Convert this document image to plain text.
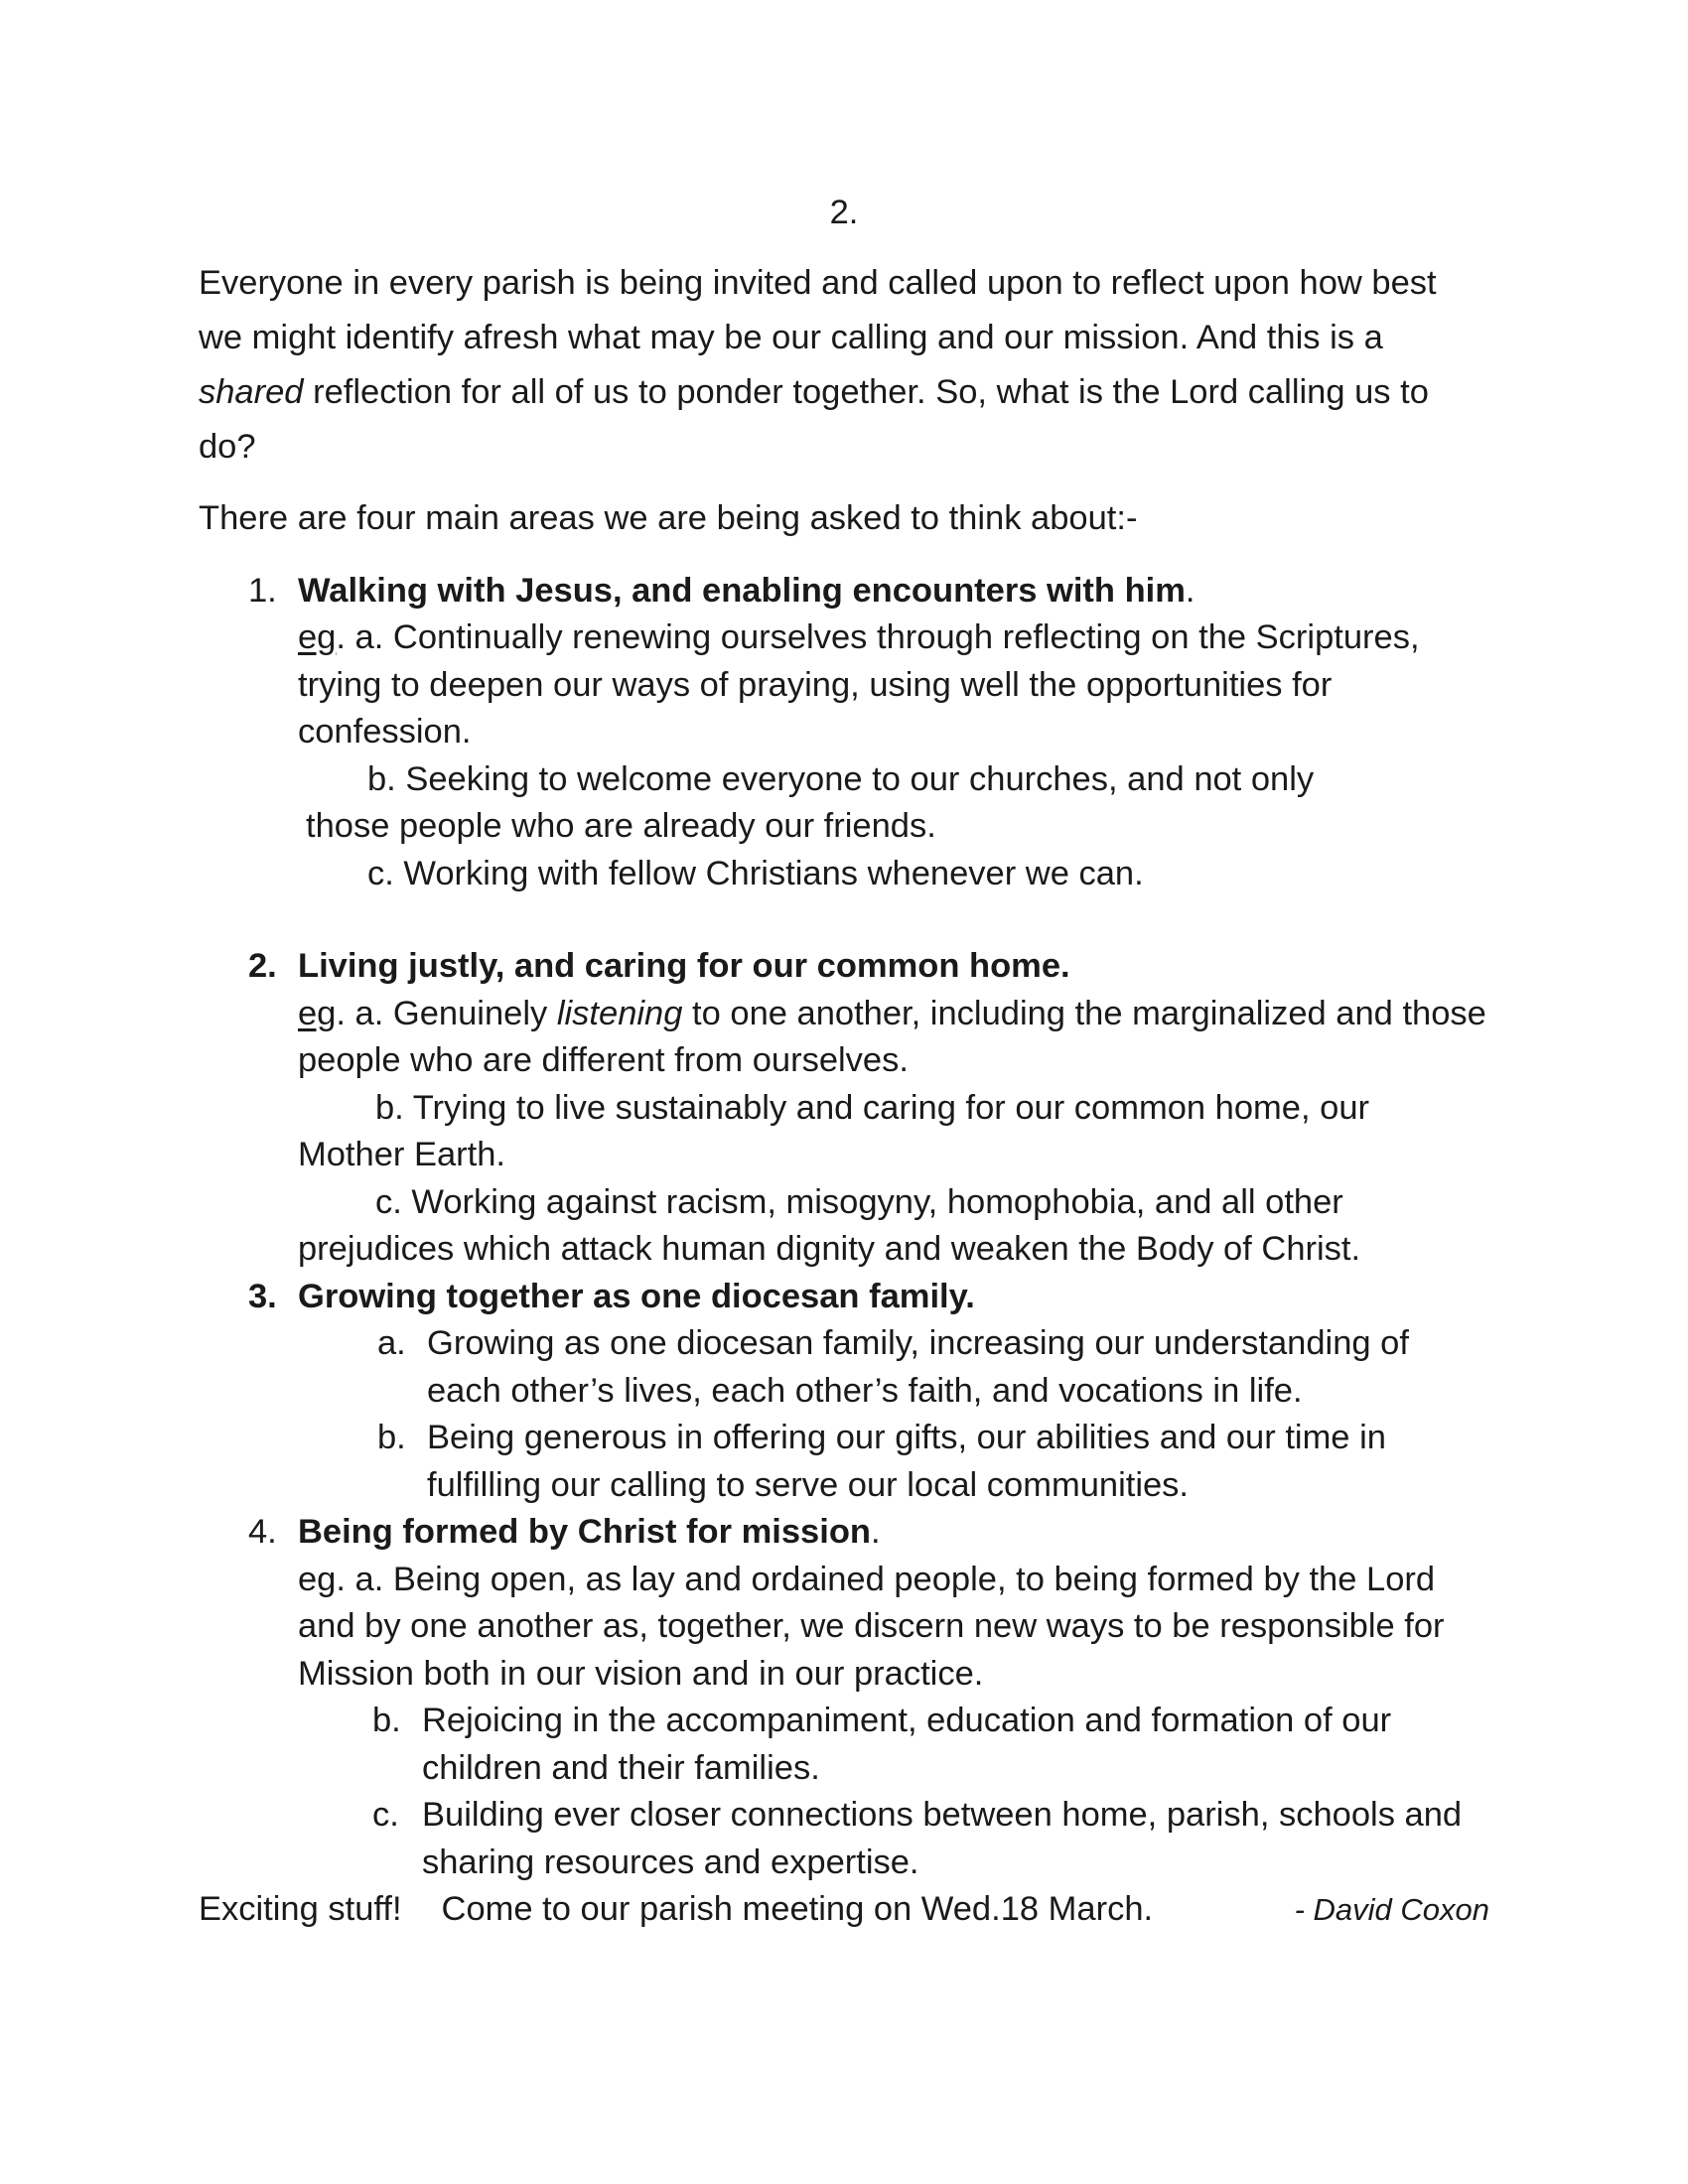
2.

Everyone in every parish is being invited and called upon to reflect upon how best we might identify afresh what may be our calling and our mission. And this is a shared reflection for all of us to ponder together. So, what is the Lord calling us to do?

There are four main areas we are being asked to think about:-

1. Walking with Jesus, and enabling encounters with him.
eg. a. Continually renewing ourselves through reflecting on the Scriptures, trying to deepen our ways of praying, using well the opportunities for confession.
b. Seeking to welcome everyone to our churches, and not only
those people who are already our friends.
c. Working with fellow Christians whenever we can.
2. Living justly, and caring for our common home.
eg. a. Genuinely listening to one another, including the marginalized and those people who are different from ourselves.
b. Trying to live sustainably and caring for our common home, our
Mother Earth.
c. Working against racism, misogyny, homophobia, and all other
prejudices which attack human dignity and weaken the Body of Christ.
3. Growing together as one diocesan family.
a. Growing as one diocesan family, increasing our understanding of each other’s lives, each other’s faith, and vocations in life.
b. Being generous in offering our gifts, our abilities and our time in fulfilling our calling to serve our local communities.
4. Being formed by Christ for mission.
eg. a. Being open, as lay and ordained people, to being formed by the Lord and by one another as, together, we discern new ways to be responsible for Mission both in our vision and in our practice.
b. Rejoicing in the accompaniment, education and formation of our children and their families.
c. Building ever closer connections between home, parish, schools and sharing resources and expertise.
Exciting stuff! Come to our parish meeting on Wed.18 March.	- David Coxon
